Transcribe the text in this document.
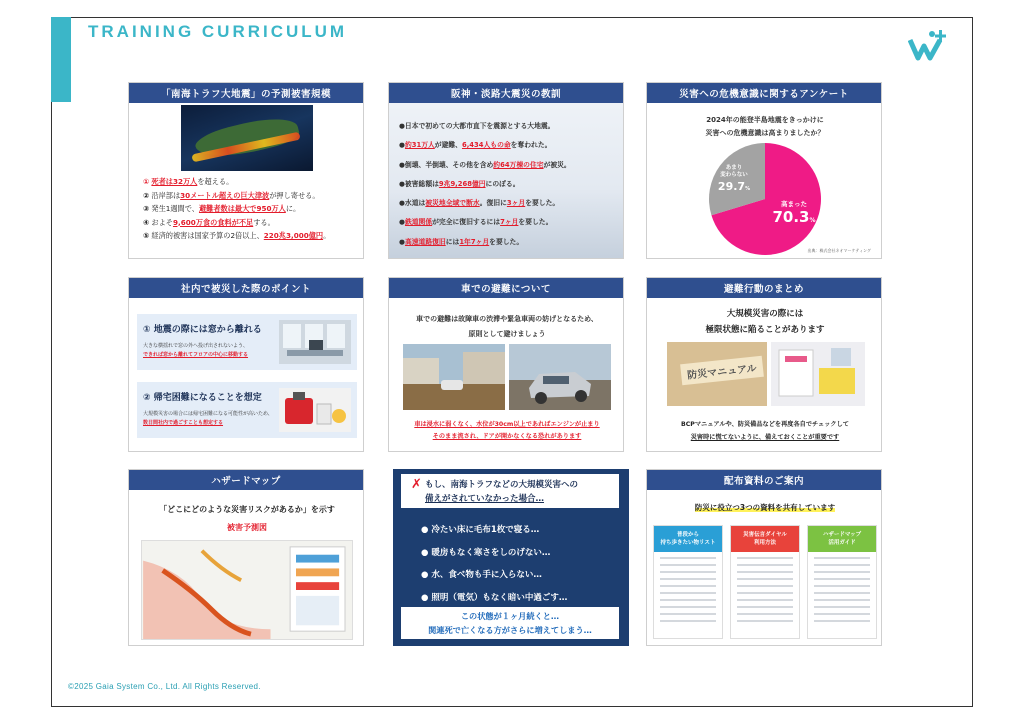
TRAINING CURRICULUM
「南海トラフ大地震」の予測被害規模
① 死者は32万人を超える。
② 沿岸部は30メートル超えの巨大津波が押し寄せる。
③ 発生1週間で、避難者数は最大で950万人に。
④ およそ9,600万食の食料が不足する。
⑤ 経済的被害は国家予算の2倍以上、220兆3,000億円。
阪神・淡路大震災の教訓
●日本で初めての大都市直下を震源とする大地震。
●約31万人が避難、6,434人もの命を奪われた。
●倒壊、半倒壊、その他を含め約64万棟の住宅が被災。
●被害総額は9兆9,268億円にのぼる。
●水道は被災地全域で断水。復旧に3ヶ月を要した。
●鉄道関係が完全に復旧するには7ヶ月を要した。
●高速道路復旧には1年7ヶ月を要した。
災害への危機意識に関するアンケート
2024年の能登半島地震をきっかけに
災害への危機意識は高まりましたか？
高まった
70.3%
あまり
変わらない
29.7%
出典：株式会社ネオマーケティング
社内で被災した際のポイント
① 地震の際には窓から離れる
大きな横揺れで窓の外へ投げ出されないよう、
できれば窓から離れてフロアの中心に移動する
② 帰宅困難になることを想定
大規模災害の場合には帰宅困難になる可能性が高いため、数日間社内で過ごすことも想定する
車での避難について
車での避難は故障車の渋滞や緊急車両の妨げとなるため、
原則として避けましょう
車は浸水に弱くなく、水位が30cm以上であればエンジンが止まり
そのまま流され、ドアが開かなくなる恐れがあります
避難行動のまとめ
大規模災害の際には
極限状態に陥ることがあります
防災マニュアル
BCPマニュアルや、防災備品などを再度各自でチェックして
災害時に慌てないように、備えておくことが重要です
ハザードマップ
「どこにどのような災害リスクがあるか」を示す
被害予測図
✗ もし、南海トラフなどの大規模災害への
備えがされていなかった場合…
● 冷たい床に毛布1枚で寝る…
● 暖房もなく寒さをしのげない…
● 水、食べ物も手に入らない…
● 照明（電気）もなく暗い中過ごす…
この状態が１ヶ月続くと…
関連死で亡くなる方がさらに増えてしまう…
配布資料のご案内
防災に役立つ3つの資料を共有しています
普段から
持ち歩きたい物リスト
災害伝言ダイヤル
利用方法
ハザードマップ
活用ガイド
©2025 Gaia System Co., Ltd. All Rights Reserved.
